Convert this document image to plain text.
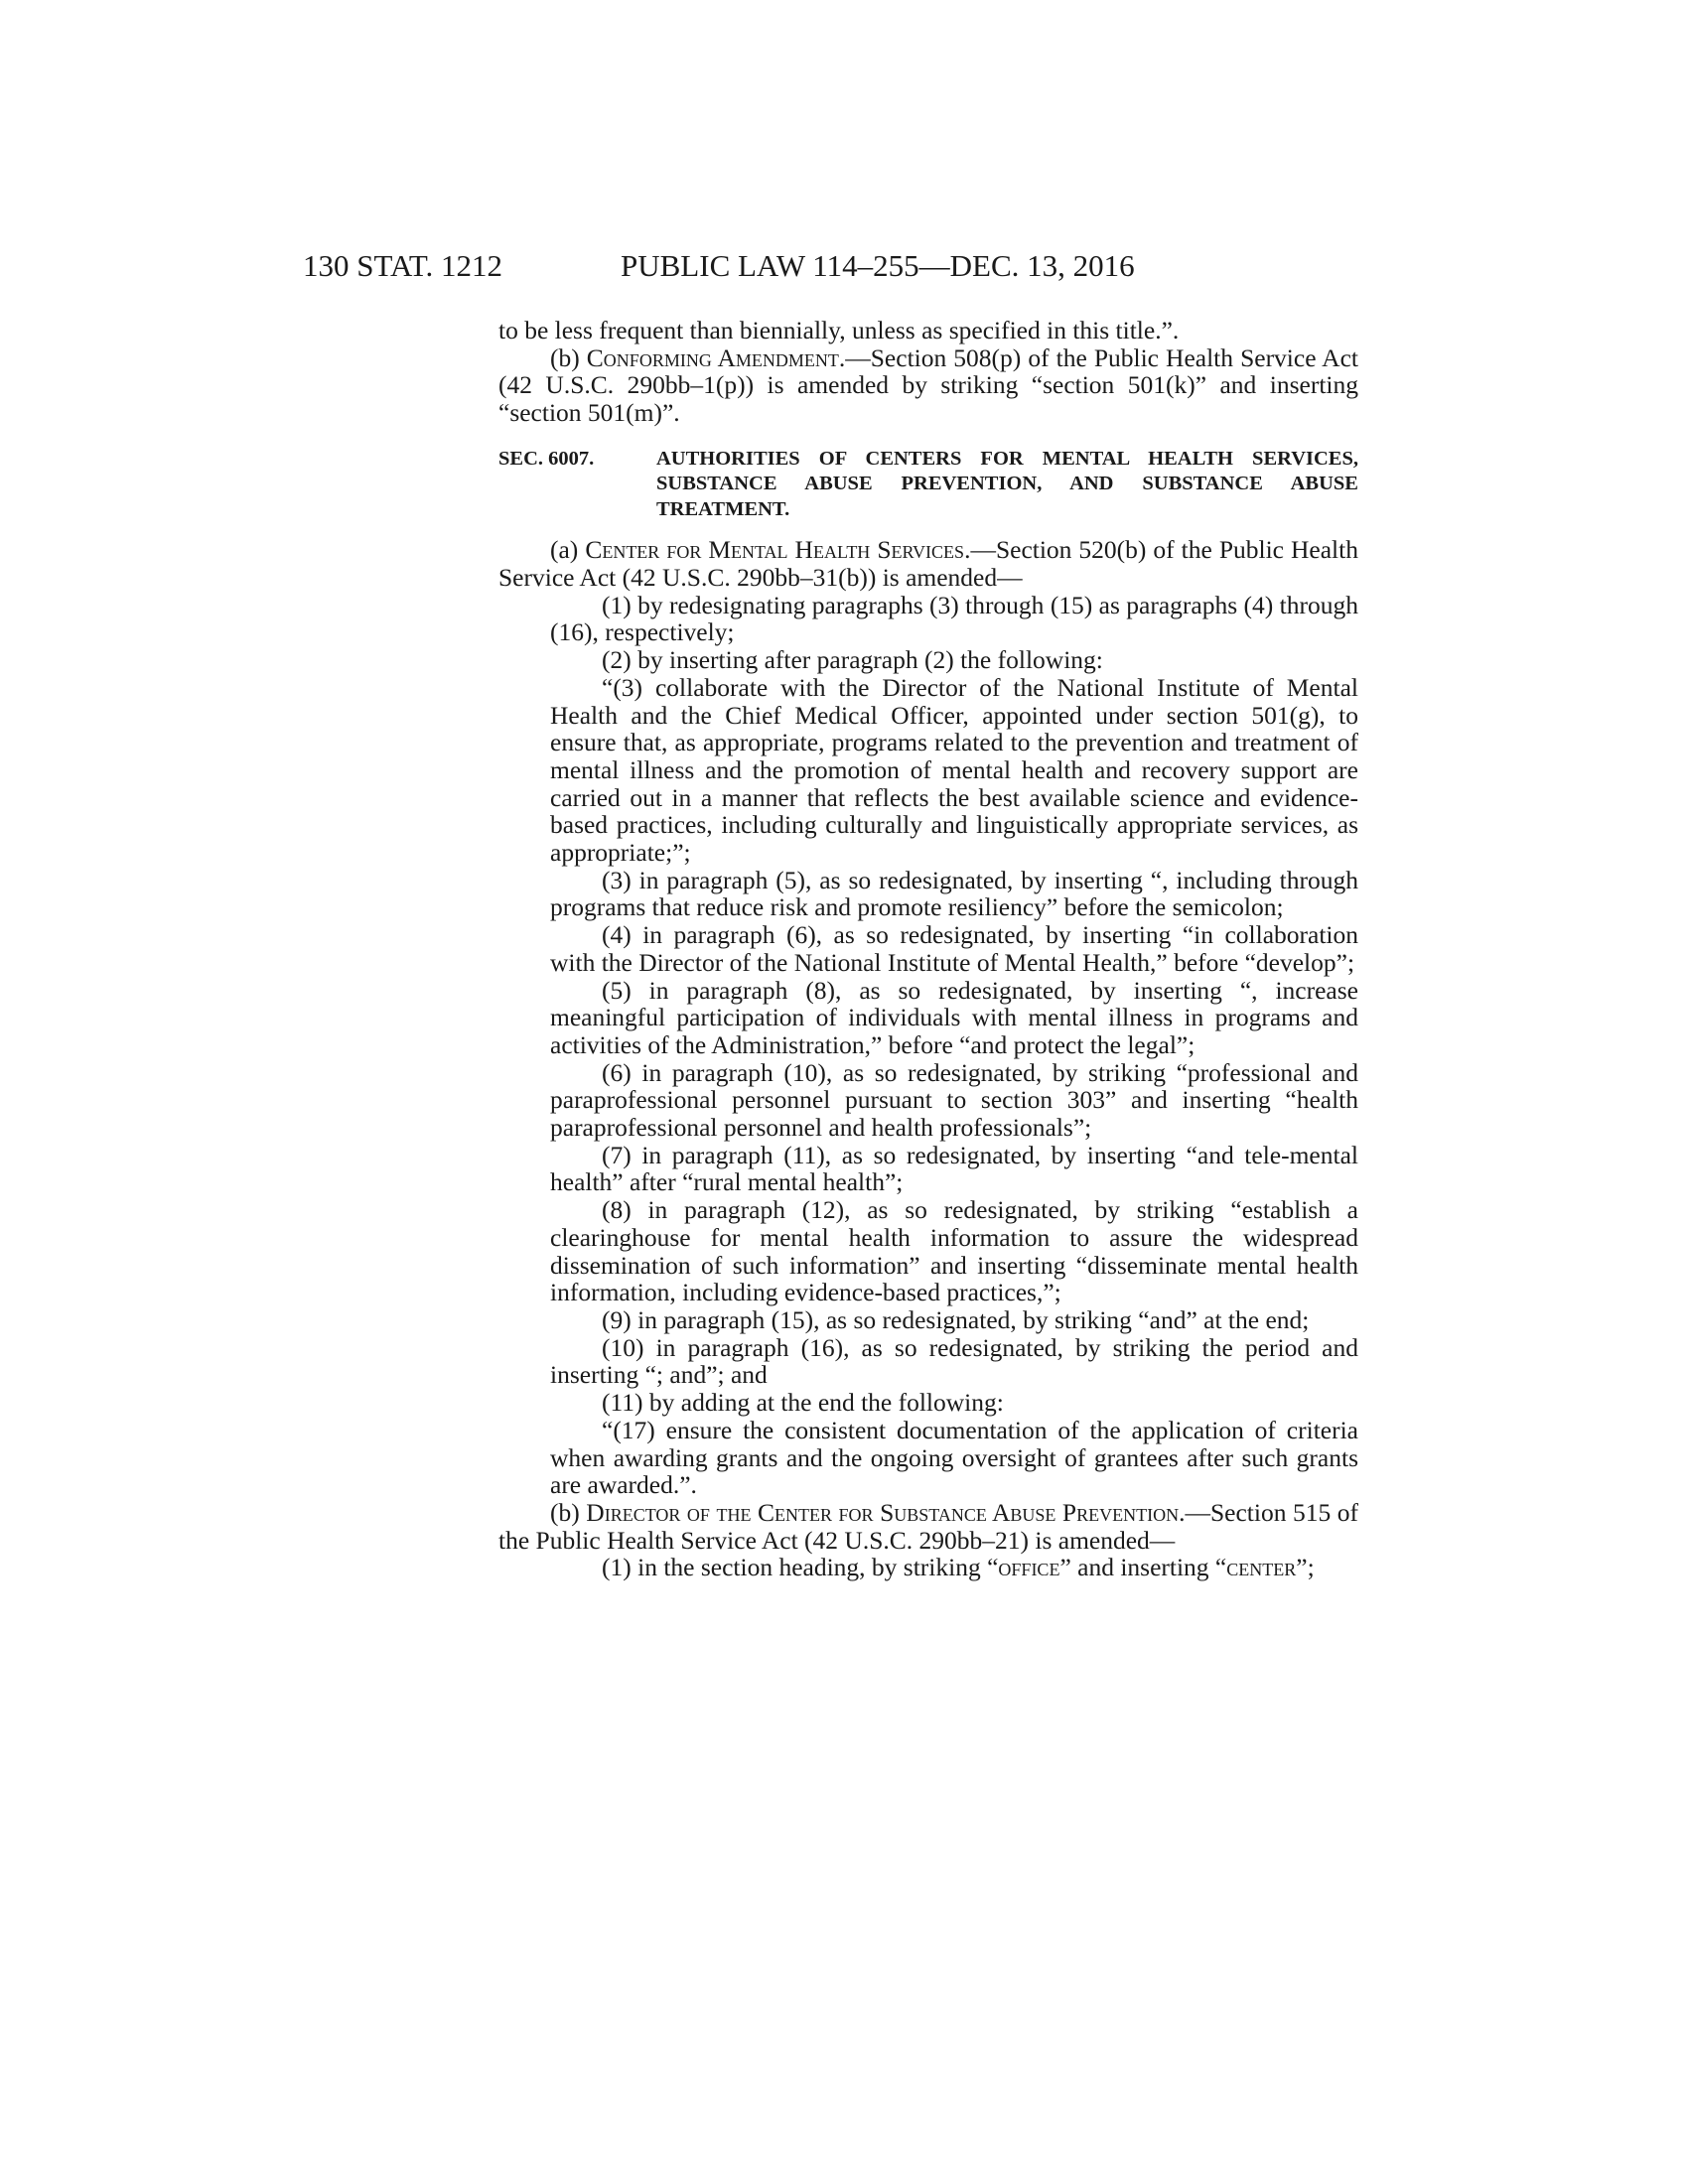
130 STAT. 1212	PUBLIC LAW 114–255—DEC. 13, 2016

to be less frequent than biennially, unless as specified in this title.”.

(b) Conforming Amendment.—Section 508(p) of the Public Health Service Act (42 U.S.C. 290bb–1(p)) is amended by striking “section 501(k)” and inserting “section 501(m)”.

SEC. 6007.	AUTHORITIES OF CENTERS FOR MENTAL HEALTH SERVICES, SUBSTANCE ABUSE PREVENTION, AND SUBSTANCE ABUSE TREATMENT.

(a) Center for Mental Health Services.—Section 520(b) of the Public Health Service Act (42 U.S.C. 290bb–31(b)) is amended—

(1) by redesignating paragraphs (3) through (15) as paragraphs (4) through (16), respectively;

(2) by inserting after paragraph (2) the following:

“(3) collaborate with the Director of the National Institute of Mental Health and the Chief Medical Officer, appointed under section 501(g), to ensure that, as appropriate, programs related to the prevention and treatment of mental illness and the promotion of mental health and recovery support are carried out in a manner that reflects the best available science and evidence-based practices, including culturally and linguistically appropriate services, as appropriate;”;

(3) in paragraph (5), as so redesignated, by inserting “, including through programs that reduce risk and promote resiliency” before the semicolon;

(4) in paragraph (6), as so redesignated, by inserting “in collaboration with the Director of the National Institute of Mental Health,” before “develop”;

(5) in paragraph (8), as so redesignated, by inserting “, increase meaningful participation of individuals with mental illness in programs and activities of the Administration,” before “and protect the legal”;

(6) in paragraph (10), as so redesignated, by striking “professional and paraprofessional personnel pursuant to section 303” and inserting “health paraprofessional personnel and health professionals”;

(7) in paragraph (11), as so redesignated, by inserting “and tele-mental health” after “rural mental health”;

(8) in paragraph (12), as so redesignated, by striking “establish a clearinghouse for mental health information to assure the widespread dissemination of such information” and inserting “disseminate mental health information, including evidence-based practices,”;

(9) in paragraph (15), as so redesignated, by striking “and” at the end;

(10) in paragraph (16), as so redesignated, by striking the period and inserting “; and”; and

(11) by adding at the end the following:

“(17) ensure the consistent documentation of the application of criteria when awarding grants and the ongoing oversight of grantees after such grants are awarded.”.

(b) Director of the Center for Substance Abuse Prevention.—Section 515 of the Public Health Service Act (42 U.S.C. 290bb–21) is amended—

(1) in the section heading, by striking “office” and inserting “center”;
